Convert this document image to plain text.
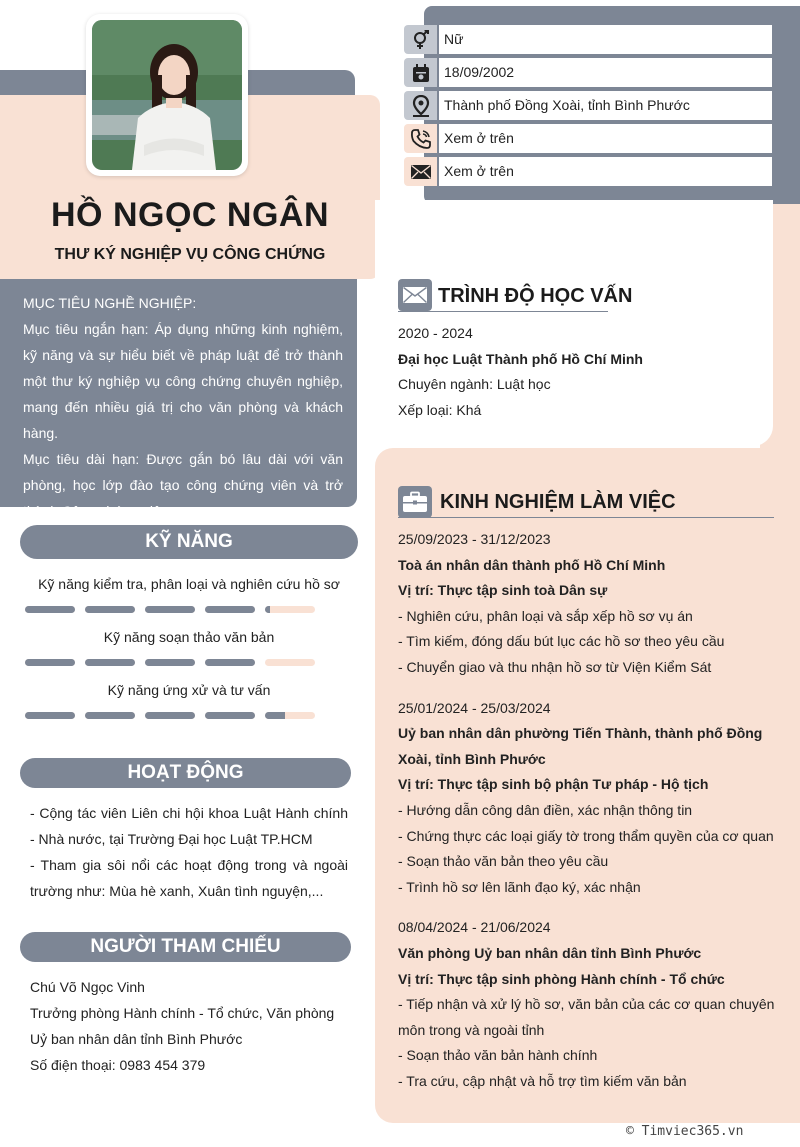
HỒ NGỌC NGÂN
THƯ KÝ NGHIỆP VỤ CÔNG CHỨNG

MỤC TIÊU NGHỀ NGHIỆP:

Mục tiêu ngắn hạn: Áp dụng những kinh nghiệm, kỹ năng và sự hiểu biết về pháp luật để trở thành một thư ký nghiệp vụ công chứng chuyên nghiệp, mang đến nhiều giá trị cho văn phòng và khách hàng.

Mục tiêu dài hạn: Được gắn bó lâu dài với văn phòng, học lớp đào tạo công chứng viên và trở thành Công chứng viên.

Nữ
18/09/2002
Thành phố Đồng Xoài, tỉnh Bình Phước
Xem ở trên
Xem ở trên
KỸ NĂNG
Kỹ năng kiểm tra, phân loại và nghiên cứu hồ sơ
Kỹ năng soạn thảo văn bản
Kỹ năng ứng xử và tư vấn
HOẠT ĐỘNG

- Cộng tác viên Liên chi hội khoa Luật Hành chính - Nhà nước, tại Trường Đại học Luật TP.HCM

- Tham gia sôi nổi các hoạt động trong và ngoài trường như: Mùa hè xanh, Xuân tình nguyện,...

NGƯỜI THAM CHIẾU

Chú Võ Ngọc Vinh

Trưởng phòng Hành chính - Tổ chức, Văn phòng Uỷ ban nhân dân tỉnh Bình Phước

Số điện thoại: 0983 454 379

TRÌNH ĐỘ HỌC VẤN

2020 - 2024

Đại học Luật Thành phố Hồ Chí Minh

Chuyên ngành: Luật học

Xếp loại: Khá

KINH NGHIỆM LÀM VIỆC

25/09/2023 - 31/12/2023

Toà án nhân dân thành phố Hồ Chí Minh

Vị trí: Thực tập sinh toà Dân sự

- Nghiên cứu, phân loại và sắp xếp hồ sơ vụ án

- Tìm kiếm, đóng dấu bút lục các hồ sơ theo yêu cầu

- Chuyển giao và thu nhận hồ sơ từ Viện Kiểm Sát

25/01/2024 - 25/03/2024

Uỷ ban nhân dân phường Tiến Thành, thành phố Đồng Xoài, tỉnh Bình Phước

Vị trí: Thực tập sinh bộ phận Tư pháp - Hộ tịch

- Hướng dẫn công dân điền, xác nhận thông tin

- Chứng thực các loại giấy tờ trong thẩm quyền của cơ quan

- Soạn thảo văn bản theo yêu cầu

- Trình hồ sơ lên lãnh đạo ký, xác nhận

08/04/2024 - 21/06/2024

Văn phòng Uỷ ban nhân dân tỉnh Bình Phước

Vị trí: Thực tập sinh phòng Hành chính - Tổ chức

- Tiếp nhận và xử lý hồ sơ, văn bản của các cơ quan chuyên môn trong và ngoài tỉnh

- Soạn thảo văn bản hành chính

- Tra cứu, cập nhật và hỗ trợ tìm kiếm văn bản

© Timviec365.vn
